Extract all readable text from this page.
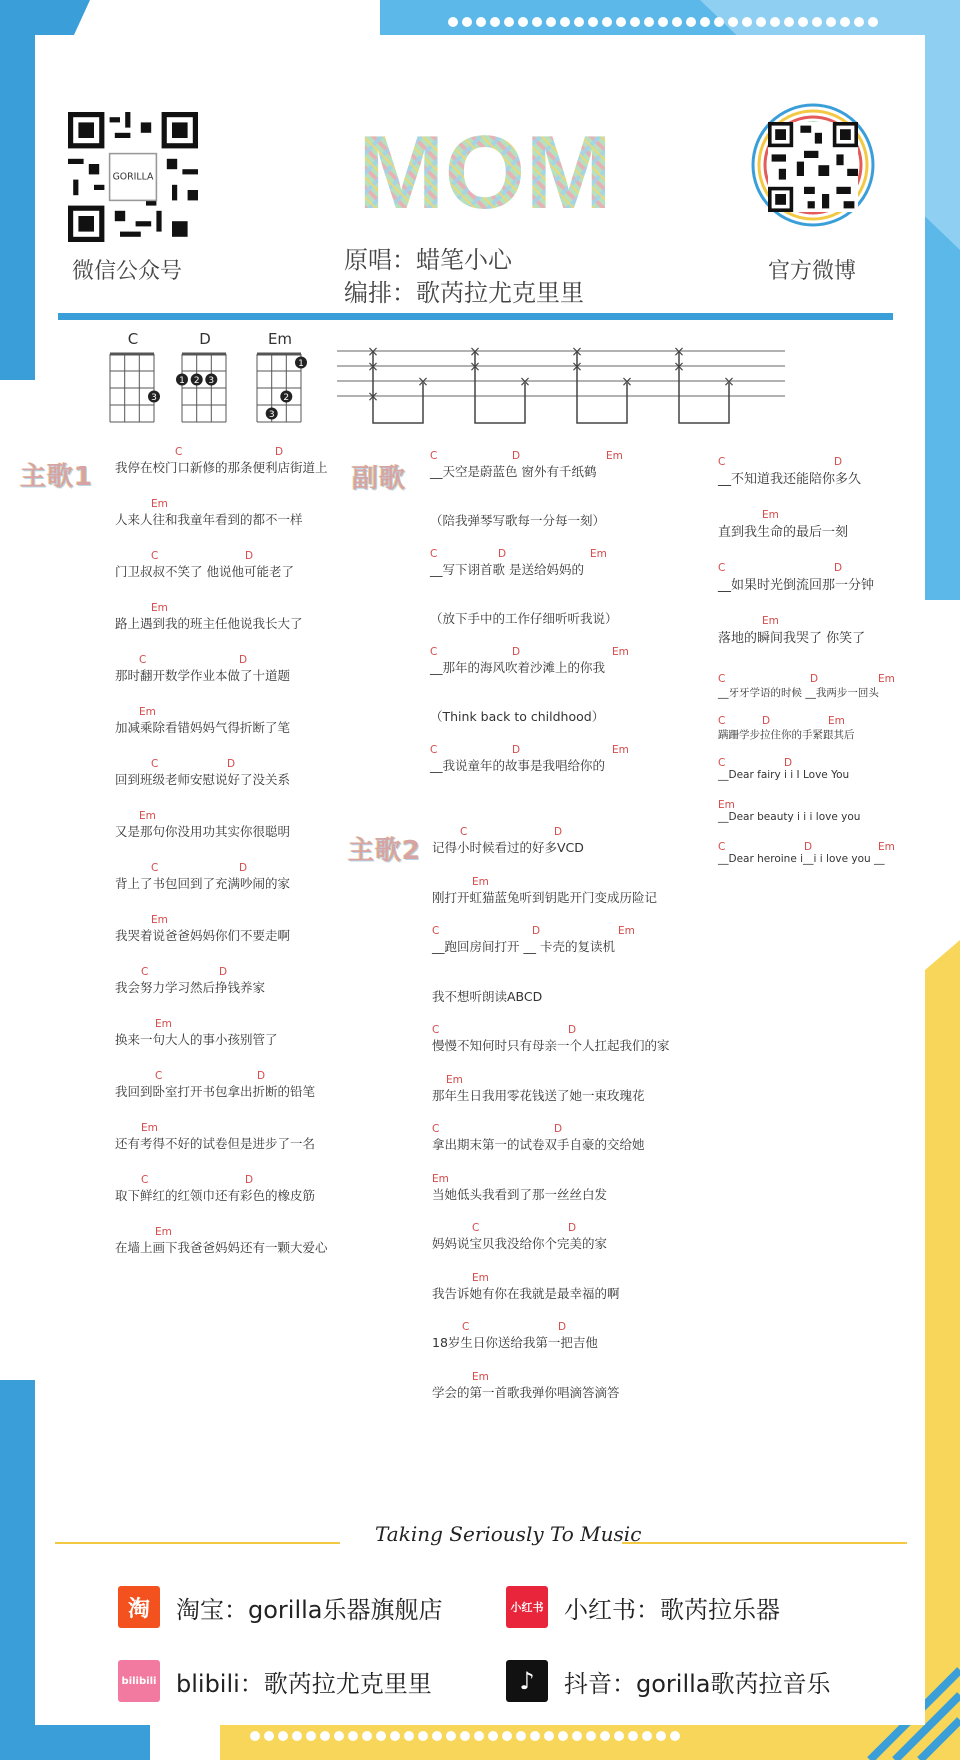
GORILLA
微信公众号	官方微博
MOM
原唱：蜡笔小心
编排：歌芮拉尤克里里
C
3
D
1 2 3
Em
1
2
3
×
×
×
×
×
×
×
×
×
×
×
×
×
主歌1	副歌
主歌2
C	D
我停在校门口新修的那条便利店街道上
Em
人来人往和我童年看到的都不一样
C	D
门卫叔叔不笑了 他说他可能老了
Em
路上遇到我的班主任他说我长大了
C	D
那时翻开数学作业本做了十道题
Em
加减乘除看错妈妈气得折断了笔
C	D
回到班级老师安慰说好了没关系
Em
又是那句你没用功其实你很聪明
C	D
背上了书包回到了充满吵闹的家
Em
我哭着说爸爸妈妈你们不要走啊
C	D
我会努力学习然后挣钱养家
Em
换来一句大人的事小孩别管了
C	D
我回到卧室打开书包拿出折断的铅笔
Em
还有考得不好的试卷但是进步了一名
C	D
取下鲜红的红领巾还有彩色的橡皮筋
Em
在墙上画下我爸爸妈妈还有一颗大爱心
C	D	Em
__天空是蔚蓝色 窗外有千纸鹤
（陪我弹琴写歌每一分每一刻）
C	D	Em
__写下诩首歌 是送给妈妈的
（放下手中的工作仔细听听我说）
C	D	Em
__那年的海风吹着沙滩上的你我
（Think back to childhood）
C	D	Em
__我说童年的故事是我唱给你的
C	D
记得小时候看过的好多VCD
Em
刚打开虹猫蓝兔听到钥匙开门变成历险记
C	D	Em
__跑回房间打开 __ 卡壳的复读机
我不想听朗读ABCD
C	D
慢慢不知何时只有母亲一个人扛起我们的家
Em
那年生日我用零花钱送了她一束玫瑰花
C	D
拿出期末第一的试卷双手自豪的交给她
Em
当她低头我看到了那一丝丝白发
C	D
妈妈说宝贝我没给你个完美的家
Em
我告诉她有你在我就是最幸福的啊
C	D
18岁生日你送给我第一把吉他
Em
学会的第一首歌我弹你唱滴答滴答
C	D
__不知道我还能陪你多久
Em
直到我生命的最后一刻
C	D
__如果时光倒流回那一分钟
Em
落地的瞬间我哭了 你笑了
C	D	Em
__牙牙学语的时候 __我两步一回头
C	D	Em
蹒跚学步拉住你的手紧跟其后
C	D
__Dear fairy i i I Love You
Em
__Dear beauty i i i love you
C	D	Em
__Dear heroine i__i i love you __
Taking Seriously To Music
淘	淘宝：gorilla乐器旗舰店	小红书 小红书：歌芮拉乐器
bilibili blibili：歌芮拉尤克里里	♪	抖音：gorilla歌芮拉音乐
